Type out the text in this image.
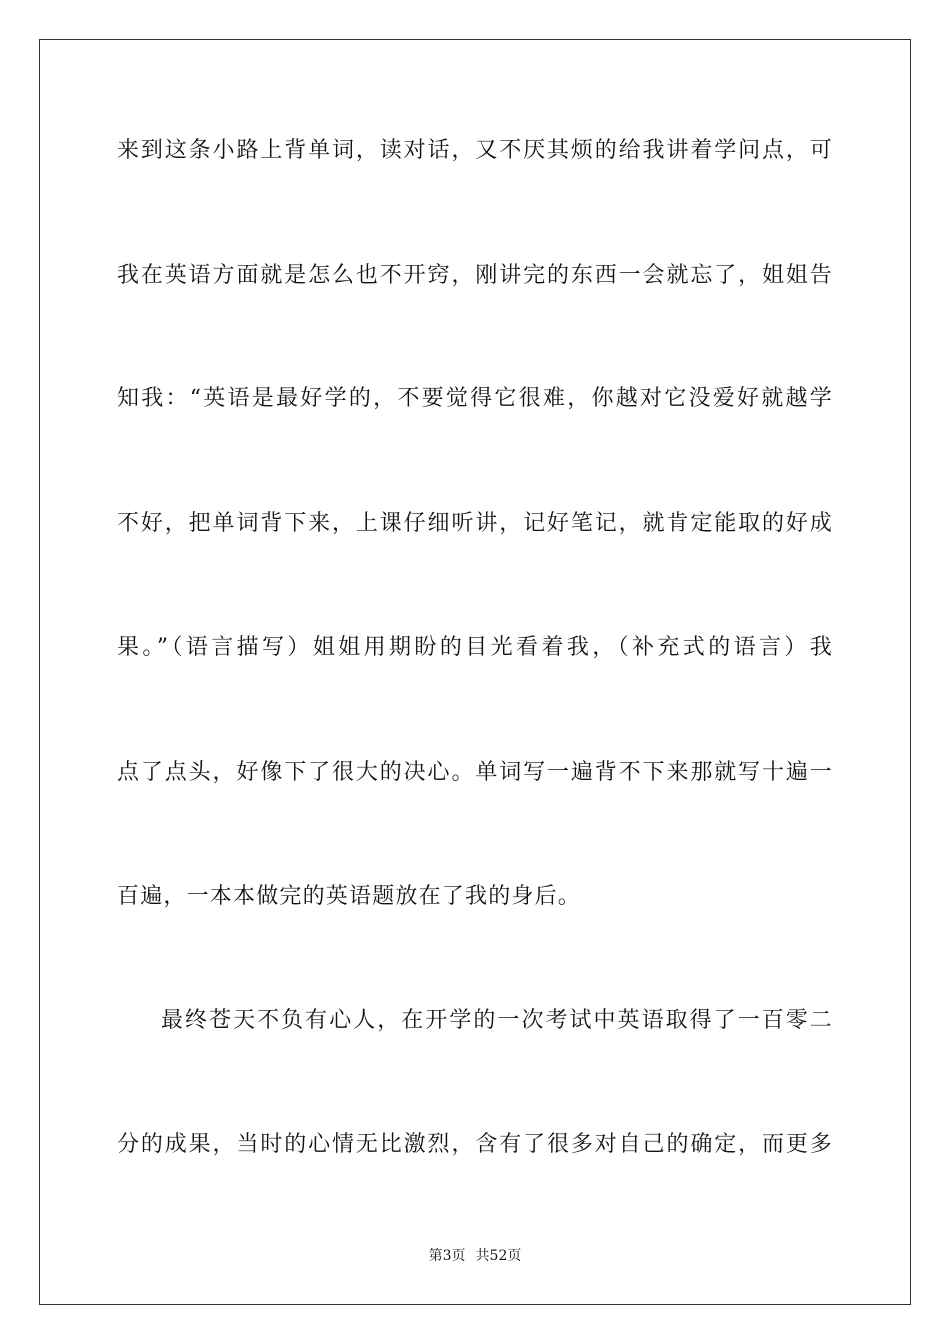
来到这条小路上背单词，读对话，又不厌其烦的给我讲着学问点，可
我在英语方面就是怎么也不开窍，刚讲完的东西一会就忘了，姐姐告
知我：“英语是最好学的，不要觉得它很难，你越对它没爱好就越学
不好，把单词背下来，上课仔细听讲，记好笔记，就肯定能取的好成
果。”（语言描写）姐姐用期盼的目光看着我，（补充式的语言）我
点了点头，好像下了很大的决心。单词写一遍背不下来那就写十遍一
百遍，一本本做完的英语题放在了我的身后。
最终苍天不负有心人，在开学的一次考试中英语取得了一百零二
分的成果，当时的心情无比激烈，含有了很多对自己的确定，而更多
第3页 共52页
